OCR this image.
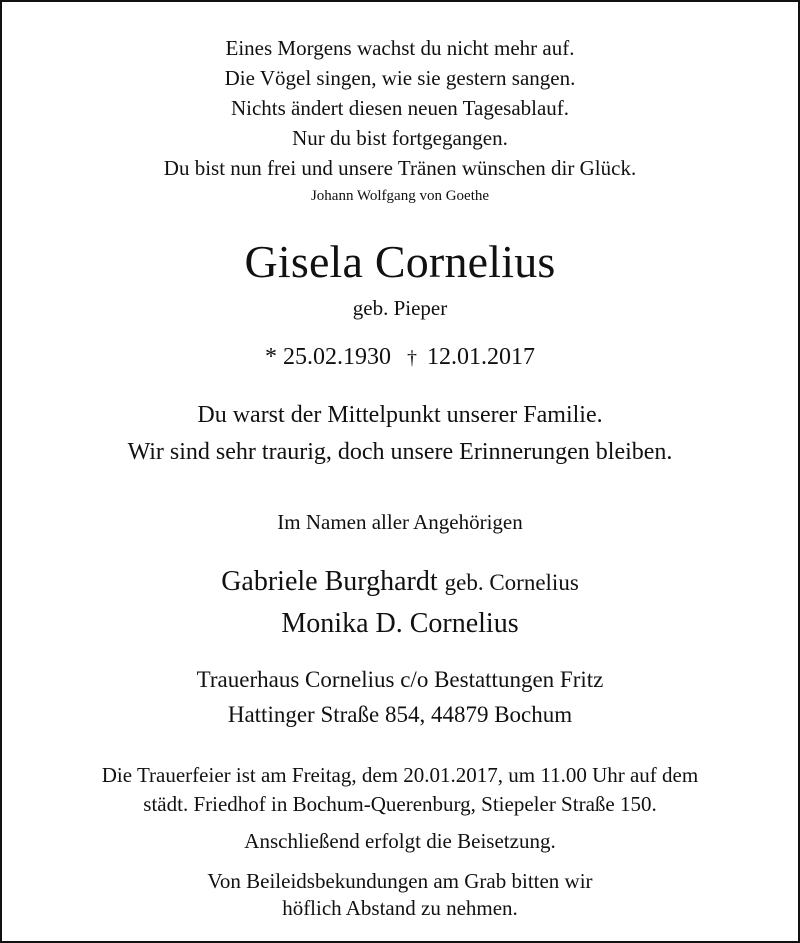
Eines Morgens wachst du nicht mehr auf.
Die Vögel singen, wie sie gestern sangen.
Nichts ändert diesen neuen Tagesablauf.
Nur du bist fortgegangen.
Du bist nun frei und unsere Tränen wünschen dir Glück.
Johann Wolfgang von Goethe
Gisela Cornelius
geb. Pieper
* 25.02.1930 † 12.01.2017
Du warst der Mittelpunkt unserer Familie.
Wir sind sehr traurig, doch unsere Erinnerungen bleiben.
Im Namen aller Angehörigen
Gabriele Burghardt geb. Cornelius
Monika D. Cornelius
Trauerhaus Cornelius c/o Bestattungen Fritz
Hattinger Straße 854, 44879 Bochum
Die Trauerfeier ist am Freitag, dem 20.01.2017, um 11.00 Uhr auf dem
städt. Friedhof in Bochum-Querenburg, Stiepeler Straße 150.
Anschließend erfolgt die Beisetzung.
Von Beileidsbekundungen am Grab bitten wir
höflich Abstand zu nehmen.
